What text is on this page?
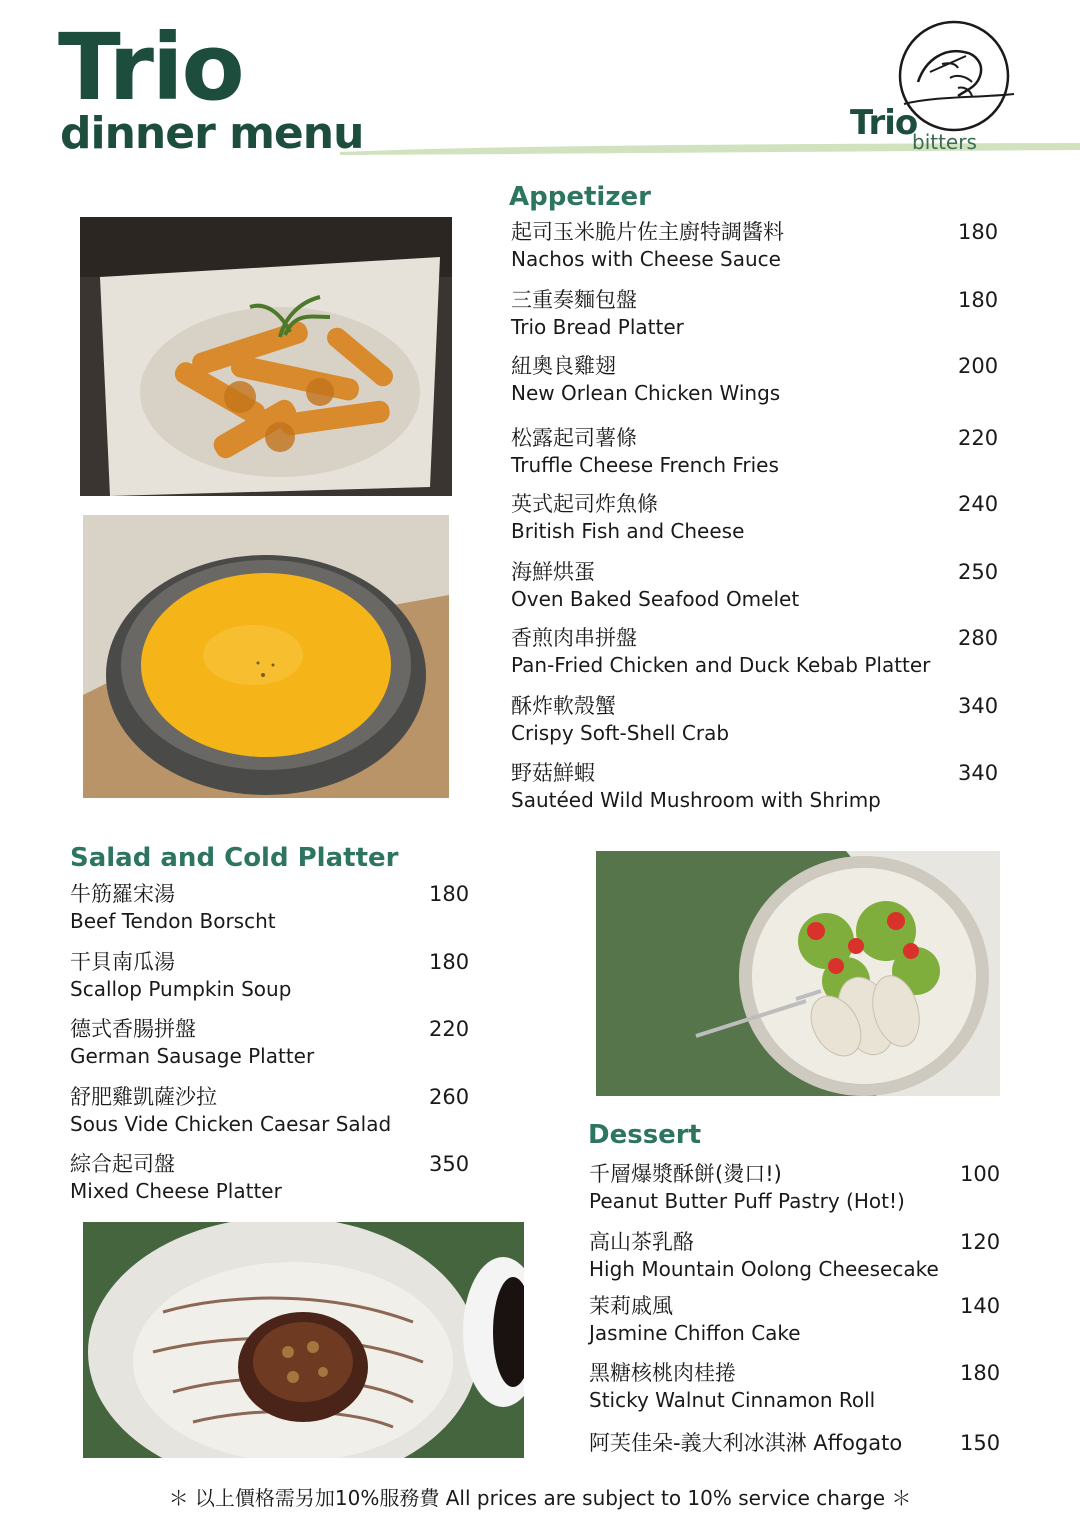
Trio
dinner menu	Trio
bitters
Appetizer
起司玉米脆片佐主廚特調醬料
Nachos with Cheese Sauce
180
三重奏麵包盤
Trio Bread Platter
180
紐奧良雞翅
New Orlean Chicken Wings
200
松露起司薯條
Truffle Cheese French Fries
220
英式起司炸魚條
British Fish and Cheese
240
海鮮烘蛋
Oven Baked Seafood Omelet
250
香煎肉串拼盤
Pan-Fried Chicken and Duck Kebab Platter
280
酥炸軟殼蟹
Crispy Soft-Shell Crab
340
野菇鮮蝦
Sautéed Wild Mushroom with Shrimp
340
Salad and Cold Platter
牛筋羅宋湯
Beef Tendon Borscht
180
干貝南瓜湯
Scallop Pumpkin Soup
180
德式香腸拼盤
German Sausage Platter
220
舒肥雞凱薩沙拉
Sous Vide Chicken Caesar Salad
260
綜合起司盤
Mixed Cheese Platter
350
Dessert
千層爆漿酥餅(燙口!)
Peanut Butter Puff Pastry (Hot!)
100
高山茶乳酪
High Mountain Oolong Cheesecake
120
茉莉戚風
Jasmine Chiffon Cake
140
黑糖核桃肉桂捲
Sticky Walnut Cinnamon Roll
180
阿芙佳朵-義大利冰淇淋 Affogato	150
＊ 以上價格需另加10%服務費 All prices are subject to 10% service charge ＊
